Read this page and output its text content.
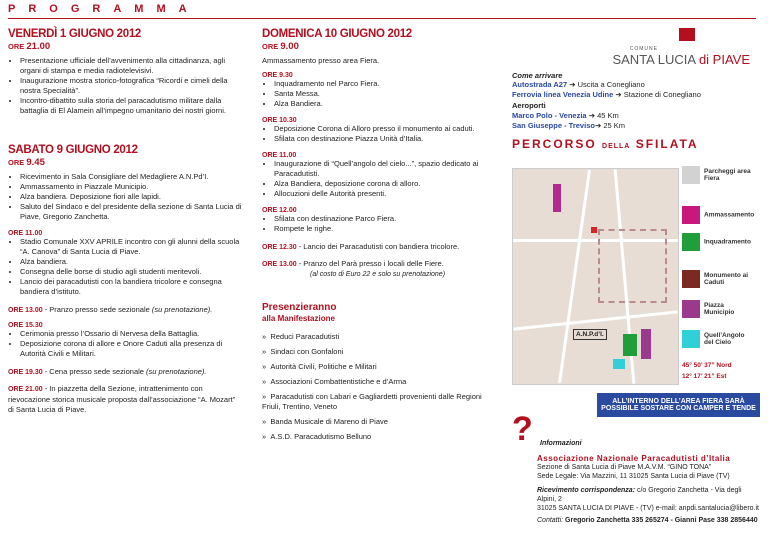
PROGRAMMA
VENERDÌ 1 GIUGNO 2012
ORE 21.00
• Presentazione ufficiale dell’avvenimento alla cittadinanza, agli organi di stampa e media radiotelevisivi.
• Inaugurazione mostra storico-fotografica “Ricordi e cimeli della nostra Specialità”.
• Incontro-dibattito sulla storia del paracadutismo militare dalla battaglia di El Alamein all’impegno umanitario dei nostri giorni.
SABATO 9 GIUGNO 2012
ORE 9.45
• Ricevimento in Sala Consigliare del Medagliere A.N.Pd’I.
• Ammassamento in Piazzale Municipio.
• Alza bandiera. Deposizione fiori alle lapidi.
• Saluto del Sindaco e del presidente della sezione di Santa Lucia di Piave, Gregorio Zanchetta.
ORE 11.00
• Stadio Comunale XXV APRILE incontro con gli alunni della scuola “A. Canova” di Santa Lucia di Piave.
• Alza bandiera.
• Consegna delle borse di studio agli studenti meritevoli.
• Lancio dei paracadutisti con la bandiera tricolore e consegna bandiera d’istituto.

ORE 13.00 - Pranzo presso sede sezionale (su prenotazione).

ORE 15.30
• Cerimonia presso l’Ossario di Nervesa della Battaglia.
• Deposizione corona di allore e Onore Caduti alla presenza di Autorità Civili e Militari.

ORE 19.30 - Cena presso sede sezionale (su prenotazione).

ORE 21.00 - In piazzetta della Sezione, intrattenimento con rievocazione storica musicale proposta dall’associazione “A. Mozart” di Santa Lucia di Piave.

DOMENICA 10 GIUGNO 2012
ORE 9.00

Ammassamento presso area Fiera.

ORE 9.30
• Inquadramento nel Parco Fiera.
• Santa Messa.
• Alza Bandiera.
ORE 10.30
• Deposizione Corona di Alloro presso il monumento ai caduti.
• Sfilata con destinazione Piazza Unità d’Italia.
ORE 11.00
• Inaugurazione di “Quell’angolo del cielo...”, spazio dedicato ai Paracadutisti.
• Alza Bandiera, deposizione corona di alloro.
• Allocuzioni delle Autorità presenti.
ORE 12.00
• Sfilata con destinazione Parco Fiera.
• Rompete le righe.

ORE 12.30 - Lancio dei Paracadutisti con bandiera tricolore.

ORE 13.00 - Pranzo del Parà presso i locali delle Fiere.

(al costo di Euro 22 e solo su prenotazione)

Presenzieranno
alla Manifestazione

»  Reduci Paracadutisti

»  Sindaci con Gonfaloni

»  Autorità Civili, Politiche e Militari

»  Associazioni Combattentistiche e d’Arma

»  Paracadutisti con Labari e Gagliardetti provenienti dalle Regioni Friuli, Trentino, Veneto

»  Banda Musicale di Mareno di Piave

»  A.S.D. Paracadutismo Belluno

COMUNE
SANTA LUCIA di PIAVE
Come arrivare
Autostrada A27 ➔ Uscita a Conegliano
Ferrovia linea Venezia Udine ➔ Stazione di Conegliano
Aeroporti
Marco Polo - Venezia ➔ 45 Km
San Giuseppe - Treviso➔ 25 Km
PERCORSO DELLA SFILATA
A.N.P.d’I.
Parcheggi area Fiera
Ammassamento
Inquadramento
Monumento ai Caduti
Piazza Municipio
Quell’Angolo del Cielo
45° 50’ 37” Nord
12° 17’ 21” Est
ALL’INTERNO DELL’AREA FIERA SARÀ POSSIBILE SOSTARE CON CAMPER E TENDE
? Informazioni
Associazione Nazionale Paracadutisti d’Italia
Sezione di Santa Lucia di Piave M.A.V.M. “GINO TONA”
Sede Legale: Via Mazzini, 11 31025 Santa Lucia di Piave (TV)
Ricevimento corrispondenza: c/o Gregorio Zanchetta - Via degli Alpini, 2
31025 SANTA LUCIA DI PIAVE - (TV) e-mail: anpdi.santalucia@libero.it
Contatti: Gregorio Zanchetta 335 265274 - Gianni Pase 338 2856440
